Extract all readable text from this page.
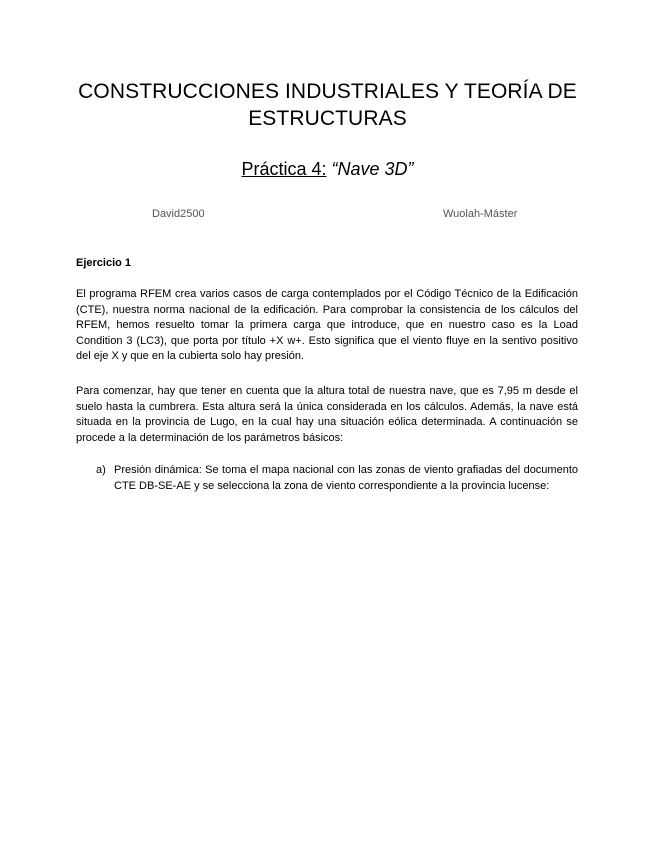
CONSTRUCCIONES INDUSTRIALES Y TEORÍA DE ESTRUCTURAS
Práctica 4: “Nave 3D”
David2500	Wuolah-Máster
Ejercicio 1
El programa RFEM crea varios casos de carga contemplados por el Código Técnico de la Edificación (CTE), nuestra norma nacional de la edificación. Para comprobar la consistencia de los cálculos del RFEM, hemos resuelto tomar la primera carga que introduce, que en nuestro caso es la Load Condition 3 (LC3), que porta por título +X w+. Esto significa que el viento fluye en la sentivo positivo del eje X y que en la cubierta solo hay presión.
Para comenzar, hay que tener en cuenta que la altura total de nuestra nave, que es 7,95 m desde el suelo hasta la cumbrera. Esta altura será la única considerada en los cálculos. Además, la nave está situada en la provincia de Lugo, en la cual hay una situación eólica determinada. A continuación se procede a la determinación de los parámetros básicos:
a) Presión dinámica: Se toma el mapa nacional con las zonas de viento grafiadas del documento CTE DB-SE-AE y se selecciona la zona de viento correspondiente a la provincia lucense:
